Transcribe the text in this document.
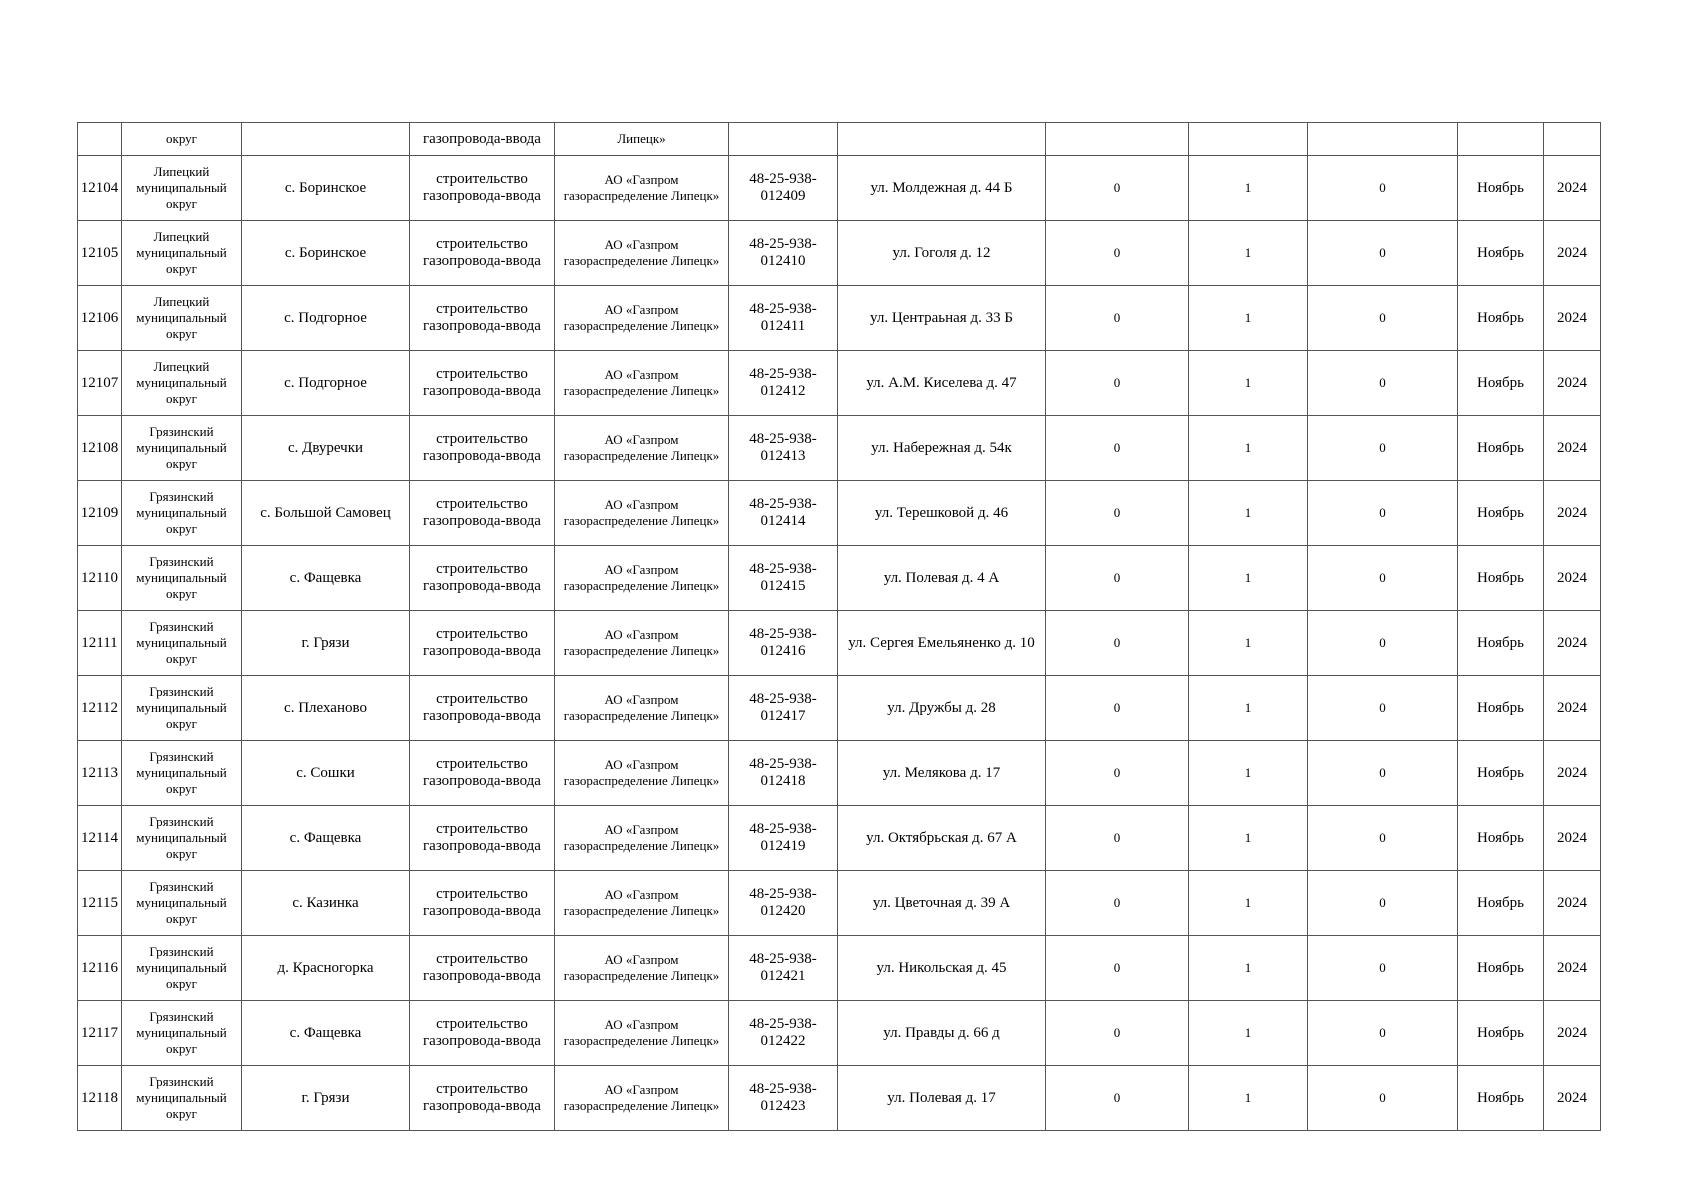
	округ		газопровода-ввода	Липецк»							
12104	Липецкий муниципальный округ	с. Боринское	строительство газопровода-ввода	АО «Газпром газораспределение Липецк»	48-25-938-012409	ул. Молдежная д. 44 Б	0	1	0	Ноябрь	2024
12105	Липецкий муниципальный округ	с. Боринское	строительство газопровода-ввода	АО «Газпром газораспределение Липецк»	48-25-938-012410	ул. Гоголя д. 12	0	1	0	Ноябрь	2024
12106	Липецкий муниципальный округ	с. Подгорное	строительство газопровода-ввода	АО «Газпром газораспределение Липецк»	48-25-938-012411	ул. Центраьная д. 33 Б	0	1	0	Ноябрь	2024
12107	Липецкий муниципальный округ	с. Подгорное	строительство газопровода-ввода	АО «Газпром газораспределение Липецк»	48-25-938-012412	ул. А.М. Киселева д. 47	0	1	0	Ноябрь	2024
12108	Грязинский муниципальный округ	с. Двуречки	строительство газопровода-ввода	АО «Газпром газораспределение Липецк»	48-25-938-012413	ул. Набережная д. 54к	0	1	0	Ноябрь	2024
12109	Грязинский муниципальный округ	с. Большой Самовец	строительство газопровода-ввода	АО «Газпром газораспределение Липецк»	48-25-938-012414	ул. Терешковой д. 46	0	1	0	Ноябрь	2024
12110	Грязинский муниципальный округ	с. Фащевка	строительство газопровода-ввода	АО «Газпром газораспределение Липецк»	48-25-938-012415	ул. Полевая д. 4 А	0	1	0	Ноябрь	2024
12111	Грязинский муниципальный округ	г. Грязи	строительство газопровода-ввода	АО «Газпром газораспределение Липецк»	48-25-938-012416	ул. Сергея Емельяненко д. 10	0	1	0	Ноябрь	2024
12112	Грязинский муниципальный округ	с. Плеханово	строительство газопровода-ввода	АО «Газпром газораспределение Липецк»	48-25-938-012417	ул. Дружбы д. 28	0	1	0	Ноябрь	2024
12113	Грязинский муниципальный округ	с. Сошки	строительство газопровода-ввода	АО «Газпром газораспределение Липецк»	48-25-938-012418	ул. Мелякова д. 17	0	1	0	Ноябрь	2024
12114	Грязинский муниципальный округ	с. Фащевка	строительство газопровода-ввода	АО «Газпром газораспределение Липецк»	48-25-938-012419	ул. Октябрьская д. 67 А	0	1	0	Ноябрь	2024
12115	Грязинский муниципальный округ	с. Казинка	строительство газопровода-ввода	АО «Газпром газораспределение Липецк»	48-25-938-012420	ул. Цветочная д. 39 А	0	1	0	Ноябрь	2024
12116	Грязинский муниципальный округ	д. Красногорка	строительство газопровода-ввода	АО «Газпром газораспределение Липецк»	48-25-938-012421	ул. Никольская д. 45	0	1	0	Ноябрь	2024
12117	Грязинский муниципальный округ	с. Фащевка	строительство газопровода-ввода	АО «Газпром газораспределение Липецк»	48-25-938-012422	ул. Правды д. 66 д	0	1	0	Ноябрь	2024
12118	Грязинский муниципальный округ	г. Грязи	строительство газопровода-ввода	АО «Газпром газораспределение Липецк»	48-25-938-012423	ул. Полевая д. 17	0	1	0	Ноябрь	2024
